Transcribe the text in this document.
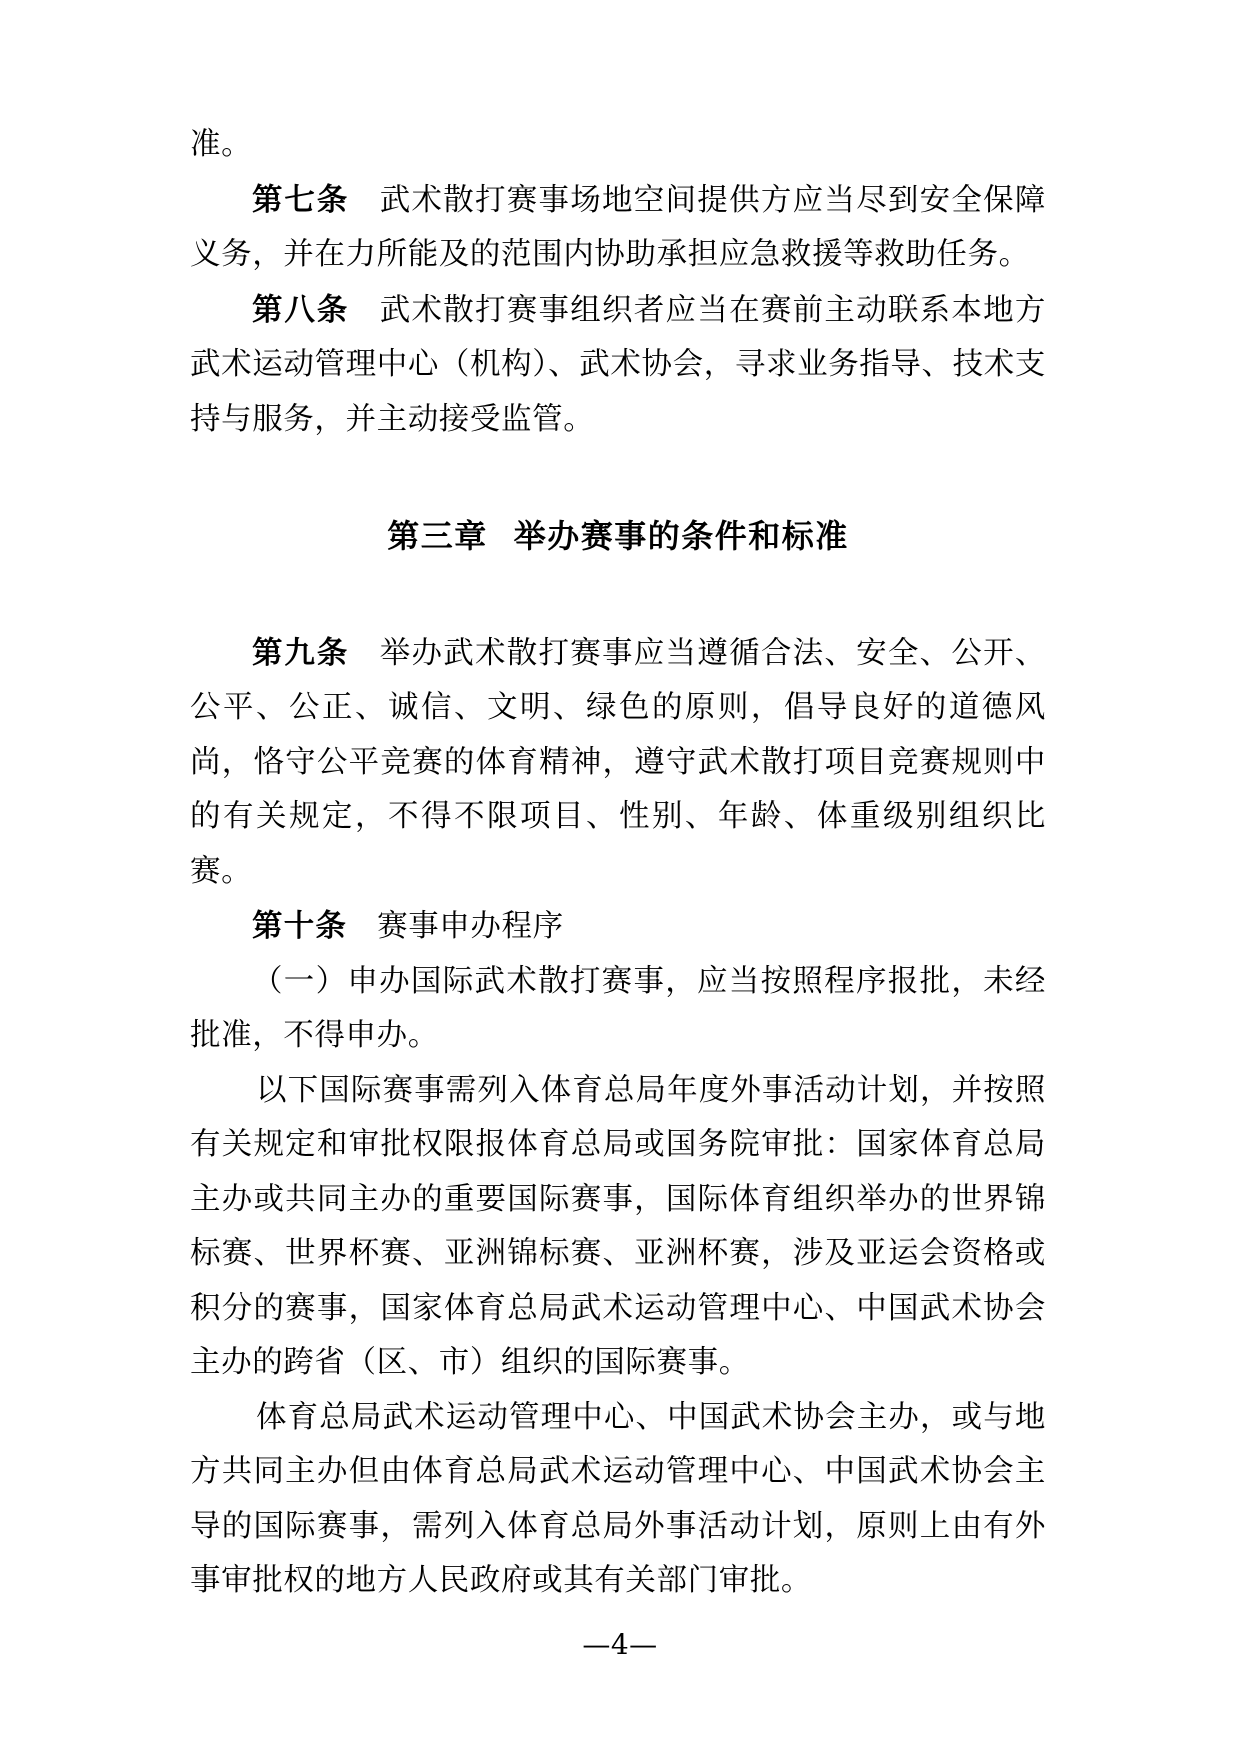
准。

第七条 武术散打赛事场地空间提供方应当尽到安全保障义务，并在力所能及的范围内协助承担应急救援等救助任务。

第八条 武术散打赛事组织者应当在赛前主动联系本地方武术运动管理中心（机构）、武术协会，寻求业务指导、技术支持与服务，并主动接受监管。

第三章 举办赛事的条件和标准

第九条 举办武术散打赛事应当遵循合法、安全、公开、公平、公正、诚信、文明、绿色的原则，倡导良好的道德风尚，恪守公平竞赛的体育精神，遵守武术散打项目竞赛规则中的有关规定，不得不限项目、性别、年龄、体重级别组织比赛。

第十条 赛事申办程序

（一）申办国际武术散打赛事，应当按照程序报批，未经批准，不得申办。

以下国际赛事需列入体育总局年度外事活动计划，并按照有关规定和审批权限报体育总局或国务院审批：国家体育总局主办或共同主办的重要国际赛事，国际体育组织举办的世界锦标赛、世界杯赛、亚洲锦标赛、亚洲杯赛，涉及亚运会资格或积分的赛事，国家体育总局武术运动管理中心、中国武术协会主办的跨省（区、市）组织的国际赛事。

体育总局武术运动管理中心、中国武术协会主办，或与地方共同主办但由体育总局武术运动管理中心、中国武术协会主导的国际赛事，需列入体育总局外事活动计划，原则上由有外事审批权的地方人民政府或其有关部门审批。

—4—
